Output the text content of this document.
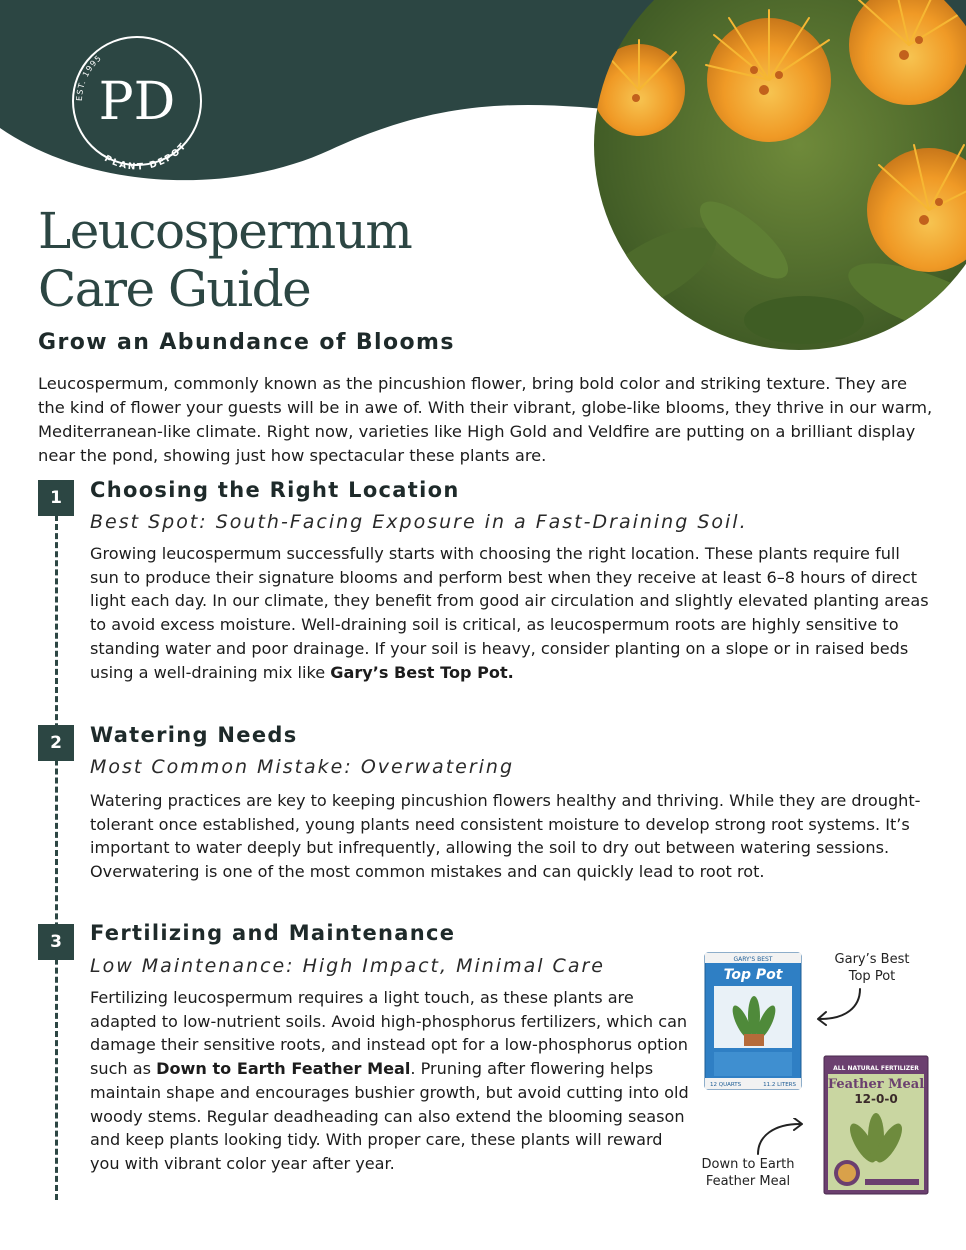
PD
EST. 1995
PLANT DEPOT
Leucospermum
Care Guide
Grow an Abundance of Blooms

Leucospermum, commonly known as the pincushion flower, bring bold color and striking texture. They are the kind of flower your guests will be in awe of. With their vibrant, globe-like blooms, they thrive in our warm, Mediterranean-like climate. Right now, varieties like High Gold and Veldfire are putting on a brilliant display near the pond, showing just how spectacular these plants are.

1	Choosing the Right Location

Best Spot: South-Facing Exposure in a Fast-Draining Soil.

Growing leucospermum successfully starts with choosing the right location. These plants require full sun to produce their signature blooms and perform best when they receive at least 6–8 hours of direct light each day. In our climate, they benefit from good air circulation and slightly elevated planting areas to avoid excess moisture. Well-draining soil is critical, as leucospermum roots are highly sensitive to standing water and poor drainage. If your soil is heavy, consider planting on a slope or in raised beds using a well-draining mix like Gary’s Best Top Pot.

2	Watering Needs

Most Common Mistake: Overwatering

Watering practices are key to keeping pincushion flowers healthy and thriving. While they are drought-tolerant once established, young plants need consistent moisture to develop strong root systems. It’s important to water deeply but infrequently, allowing the soil to dry out between watering sessions. Overwatering is one of the most common mistakes and can quickly lead to root rot.

3	Fertilizing and Maintenance

Low Maintenance: High Impact, Minimal Care

Fertilizing leucospermum requires a light touch, as these plants are adapted to low-nutrient soils. Avoid high-phosphorus fertilizers, which can damage their sensitive roots, and instead opt for a low-phosphorus option such as Down to Earth Feather Meal. Pruning after flowering helps maintain shape and encourages bushier growth, but avoid cutting into old woody stems. Regular deadheading can also extend the blooming season and keep plants looking tidy. With proper care, these plants will reward you with vibrant color year after year.

GARY'S BEST
Top Pot
12 QUARTS	11.2 LITERS

Gary’s Best
Top Pot

ALL NATURAL FERTILIZER
Feather Meal
12-0-0

Down to Earth
Feather Meal
